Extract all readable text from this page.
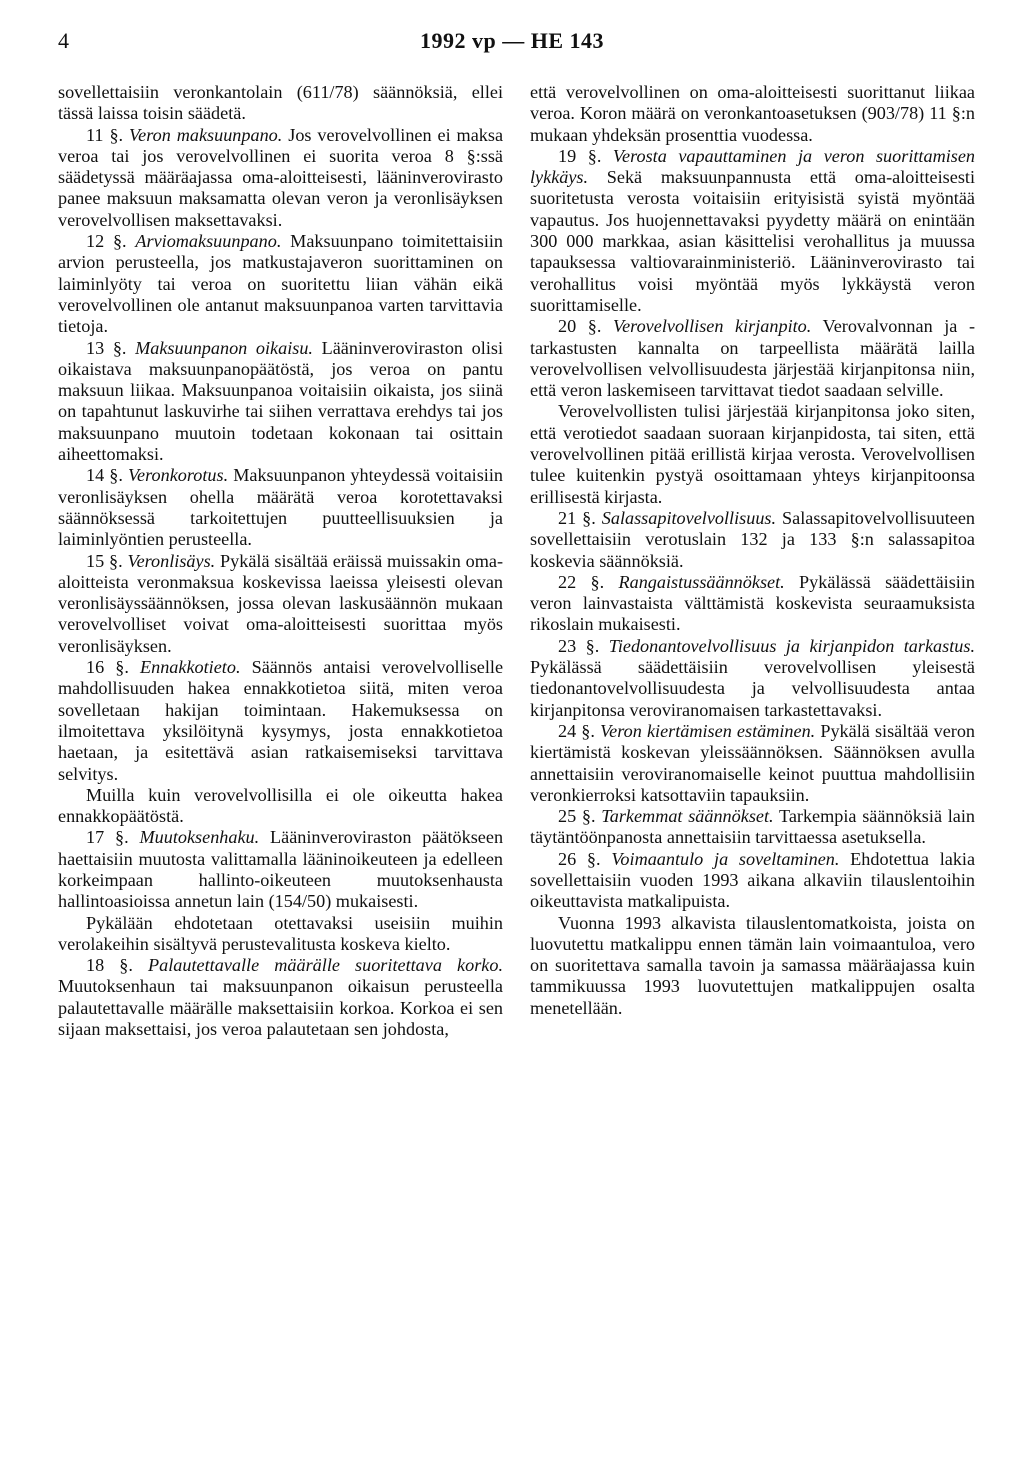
4	1992 vp — HE 143

sovellettaisiin veronkantolain (611/78) säännöksiä, ellei tässä laissa toisin säädetä.

11 §. Veron maksuunpano. Jos verovelvollinen ei maksa veroa tai jos verovelvollinen ei suorita veroa 8 §:ssä säädetyssä määräajassa oma-aloitteisesti, lääninverovirasto panee maksuun maksamatta olevan veron ja veronlisäyksen verovelvollisen maksettavaksi.

12 §. Arviomaksuunpano. Maksuunpano toimitettaisiin arvion perusteella, jos matkustajaveron suorittaminen on laiminlyöty tai veroa on suoritettu liian vähän eikä verovelvollinen ole antanut maksuunpanoa varten tarvittavia tietoja.

13 §. Maksuunpanon oikaisu. Lääninveroviraston olisi oikaistava maksuunpanopäätöstä, jos veroa on pantu maksuun liikaa. Maksuunpanoa voitaisiin oikaista, jos siinä on tapahtunut laskuvirhe tai siihen verrattava erehdys tai jos maksuunpano muutoin todetaan kokonaan tai osittain aiheettomaksi.

14 §. Veronkorotus. Maksuunpanon yhteydessä voitaisiin veronlisäyksen ohella määrätä veroa korotettavaksi säännöksessä tarkoitettujen puutteellisuuksien ja laiminlyöntien perusteella.

15 §. Veronlisäys. Pykälä sisältää eräissä muissakin oma-aloitteista veronmaksua koskevissa laeissa yleisesti olevan veronlisäyssäännöksen, jossa olevan laskusäännön mukaan verovelvolliset voivat oma-aloitteisesti suorittaa myös veronlisäyksen.

16 §. Ennakkotieto. Säännös antaisi verovelvolliselle mahdollisuuden hakea ennakkotietoa siitä, miten veroa sovelletaan hakijan toimintaan. Hakemuksessa on ilmoitettava yksilöitynä kysymys, josta ennakkotietoa haetaan, ja esitettävä asian ratkaisemiseksi tarvittava selvitys.

Muilla kuin verovelvollisilla ei ole oikeutta hakea ennakkopäätöstä.

17 §. Muutoksenhaku. Lääninveroviraston päätökseen haettaisiin muutosta valittamalla lääninoikeuteen ja edelleen korkeimpaan hallinto-oikeuteen muutoksenhausta hallintoasioissa annetun lain (154/50) mukaisesti.

Pykälään ehdotetaan otettavaksi useisiin muihin verolakeihin sisältyvä perustevalitusta koskeva kielto.

18 §. Palautettavalle määrälle suoritettava korko. Muutoksenhaun tai maksuunpanon oikaisun perusteella palautettavalle määrälle maksettaisiin korkoa. Korkoa ei sen sijaan maksettaisi, jos veroa palautetaan sen johdosta,

että verovelvollinen on oma-aloitteisesti suorittanut liikaa veroa. Koron määrä on veronkantoasetuksen (903/78) 11 §:n mukaan yhdeksän prosenttia vuodessa.

19 §. Verosta vapauttaminen ja veron suorittamisen lykkäys. Sekä maksuunpannusta että oma-aloitteisesti suoritetusta verosta voitaisiin erityisistä syistä myöntää vapautus. Jos huojennettavaksi pyydetty määrä on enintään 300 000 markkaa, asian käsittelisi verohallitus ja muussa tapauksessa valtiovarainministeriö. Lääninverovirasto tai verohallitus voisi myöntää myös lykkäystä veron suorittamiselle.

20 §. Verovelvollisen kirjanpito. Verovalvonnan ja -tarkastusten kannalta on tarpeellista määrätä lailla verovelvollisen velvollisuudesta järjestää kirjanpitonsa niin, että veron laskemiseen tarvittavat tiedot saadaan selville.

Verovelvollisten tulisi järjestää kirjanpitonsa joko siten, että verotiedot saadaan suoraan kirjanpidosta, tai siten, että verovelvollinen pitää erillistä kirjaa verosta. Verovelvollisen tulee kuitenkin pystyä osoittamaan yhteys kirjanpitoonsa erillisestä kirjasta.

21 §. Salassapitovelvollisuus. Salassapitovelvollisuuteen sovellettaisiin verotuslain 132 ja 133 §:n salassapitoa koskevia säännöksiä.

22 §. Rangaistussäännökset. Pykälässä säädettäisiin veron lainvastaista välttämistä koskevista seuraamuksista rikoslain mukaisesti.

23 §. Tiedonantovelvollisuus ja kirjanpidon tarkastus. Pykälässä säädettäisiin verovelvollisen yleisestä tiedonantovelvollisuudesta ja velvollisuudesta antaa kirjanpitonsa veroviranomaisen tarkastettavaksi.

24 §. Veron kiertämisen estäminen. Pykälä sisältää veron kiertämistä koskevan yleissäännöksen. Säännöksen avulla annettaisiin veroviranomaiselle keinot puuttua mahdollisiin veronkierroksi katsottaviin tapauksiin.

25 §. Tarkemmat säännökset. Tarkempia säännöksiä lain täytäntöönpanosta annettaisiin tarvittaessa asetuksella.

26 §. Voimaantulo ja soveltaminen. Ehdotettua lakia sovellettaisiin vuoden 1993 aikana alkaviin tilauslentoihin oikeuttavista matkalipuista.

Vuonna 1993 alkavista tilauslentomatkoista, joista on luovutettu matkalippu ennen tämän lain voimaantuloa, vero on suoritettava samalla tavoin ja samassa määräajassa kuin tammikuussa 1993 luovutettujen matkalippujen osalta menetellään.
